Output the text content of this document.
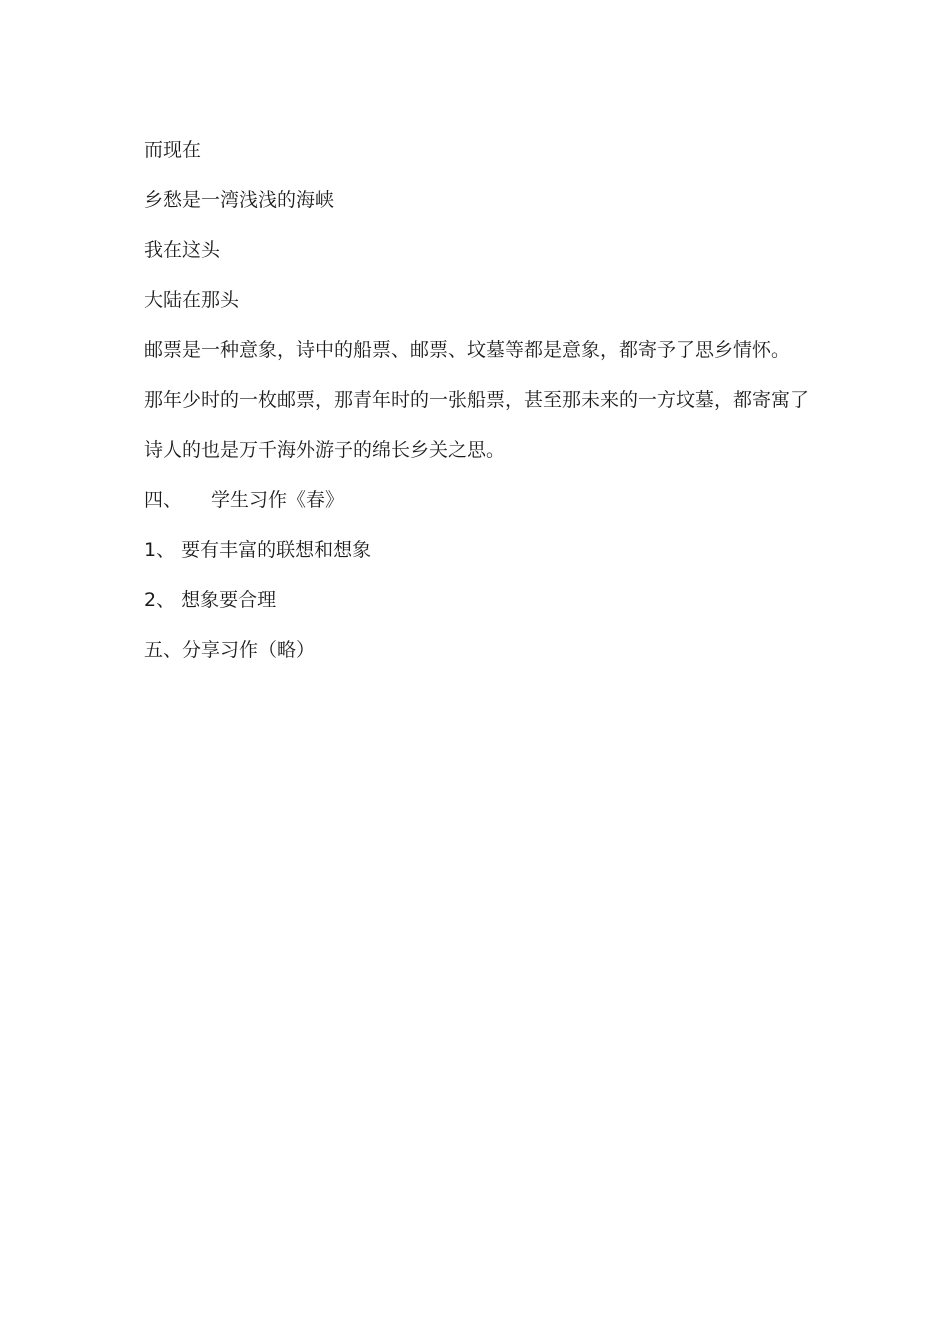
而现在
乡愁是一湾浅浅的海峡
我在这头
大陆在那头
邮票是一种意象，诗中的船票、邮票、坟墓等都是意象，都寄予了思乡情怀。
那年少时的一枚邮票，那青年时的一张船票，甚至那未来的一方坟墓，都寄寓了
诗人的也是万千海外游子的绵长乡关之思。
四、 学生习作《春》
1、 要有丰富的联想和想象
2、 想象要合理
五、分享习作（略）
